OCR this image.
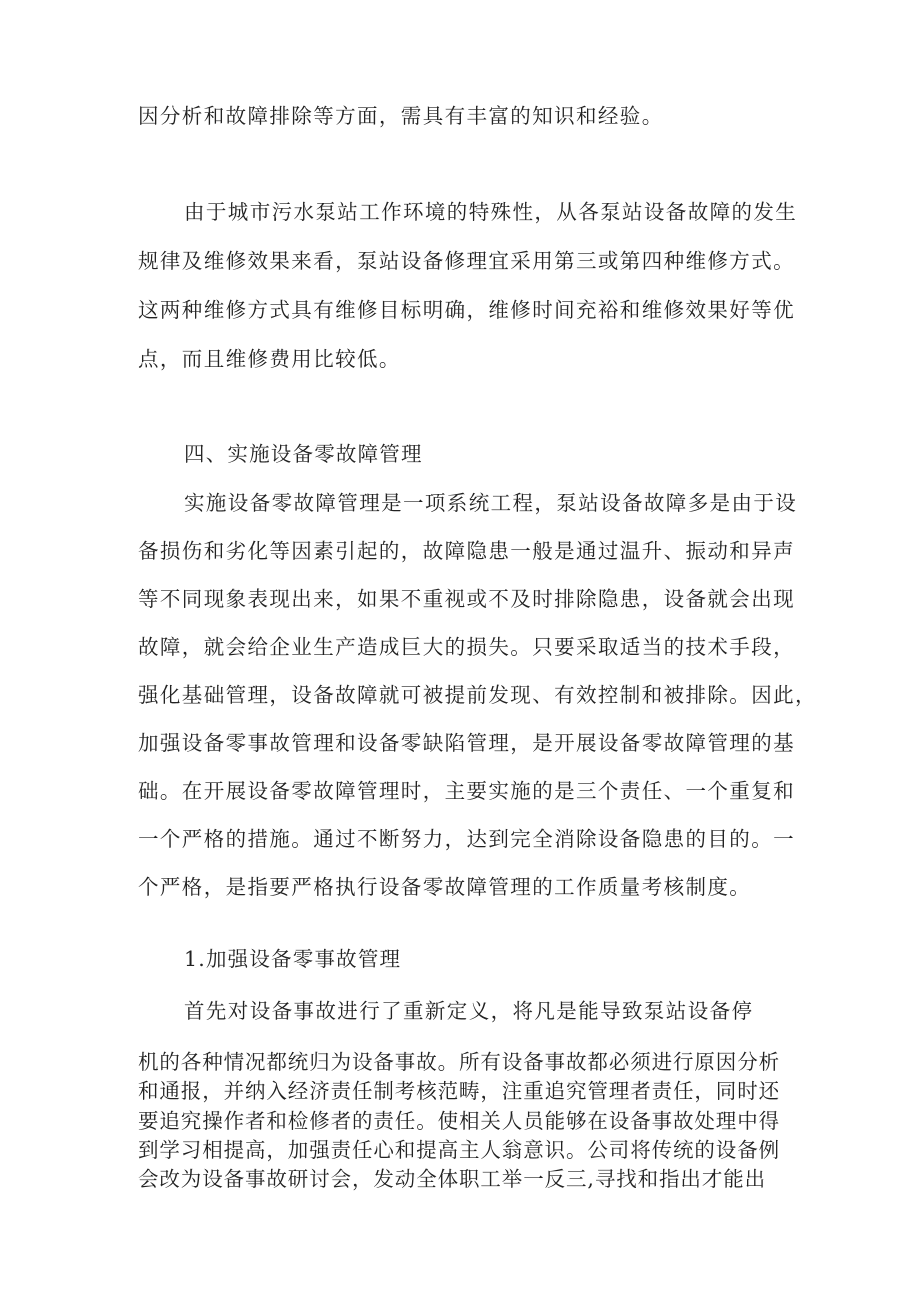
因分析和故障排除等方面，需具有丰富的知识和经验。
由于城市污水泵站工作环境的特殊性，从各泵站设备故障的发生
规律及维修效果来看，泵站设备修理宜采用第三或第四种维修方式。
这两种维修方式具有维修目标明确，维修时间充裕和维修效果好等优
点，而且维修费用比较低。
四、实施设备零故障管理
实施设备零故障管理是一项系统工程，泵站设备故障多是由于设
备损伤和劣化等因素引起的，故障隐患一般是通过温升、振动和异声
等不同现象表现出来，如果不重视或不及时排除隐患，设备就会出现
故障，就会给企业生产造成巨大的损失。只要采取适当的技术手段，
强化基础管理，设备故障就可被提前发现、有效控制和被排除。因此，
加强设备零事故管理和设备零缺陷管理，是开展设备零故障管理的基
础。在开展设备零故障管理时，主要实施的是三个责任、一个重复和
一个严格的措施。通过不断努力，达到完全消除设备隐患的目的。一
个严格，是指要严格执行设备零故障管理的工作质量考核制度。
1.加强设备零事故管理
首先对设备事故进行了重新定义，将凡是能导致泵站设备停
机的各种情况都统归为设备事故。所有设备事故都必须进行原因分析
和通报，并纳入经济责任制考核范畴，注重追究管理者责任，同时还
要追究操作者和检修者的责任。使相关人员能够在设备事故处理中得
到学习相提高，加强责任心和提高主人翁意识。公司将传统的设备例
会改为设备事故研讨会，发动全体职工举一反三,寻找和指出才能出
